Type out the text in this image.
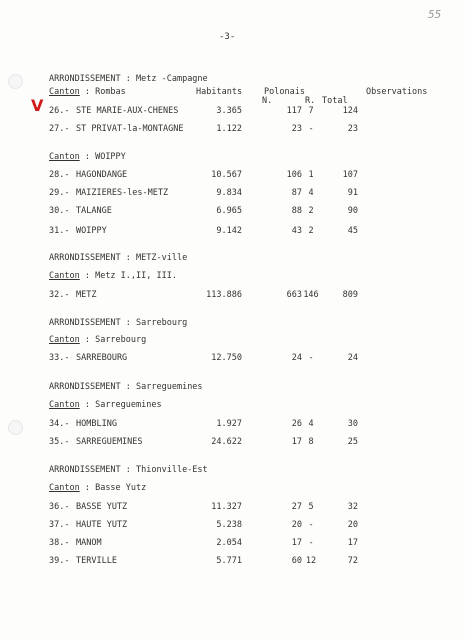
55
-3-
V
ARRONDISSEMENT : Metz -Campagne
Canton : Rombas	Habitants	Polonais
N.	R. Total
Observations
26.- STE MARIE-AUX-CHENES	3.365	117 7	124
27.- ST PRIVAT-la-MONTAGNE	1.122	23 -	23
Canton : WOIPPY
28.- HAGONDANGE	10.567	106 1	107
29.- MAIZIERES-les-METZ	9.834	87 4	91
30.- TALANGE	6.965	88 2	90
31.- WOIPPY	9.142	43 2	45
ARRONDISSEMENT : METZ-ville
Canton : Metz I.,II, III.
32.- METZ	113.886	663 146	809
ARRONDISSEMENT : Sarrebourg
Canton : Sarrebourg
33.- SARREBOURG	12.750	24 -	24
ARRONDISSEMENT : Sarreguemines
Canton : Sarreguemines
34.- HOMBLING	1.927	26 4	30
35.- SARREGUEMINES	24.622	17 8	25
ARRONDISSEMENT : Thionville-Est
Canton : Basse Yutz
36.- BASSE YUTZ	11.327	27 5	32
37.- HAUTE YUTZ	5.238	20 -	20
38.- MANOM	2.054	17 -	17
39.- TERVILLE	5.771	60 12	72
